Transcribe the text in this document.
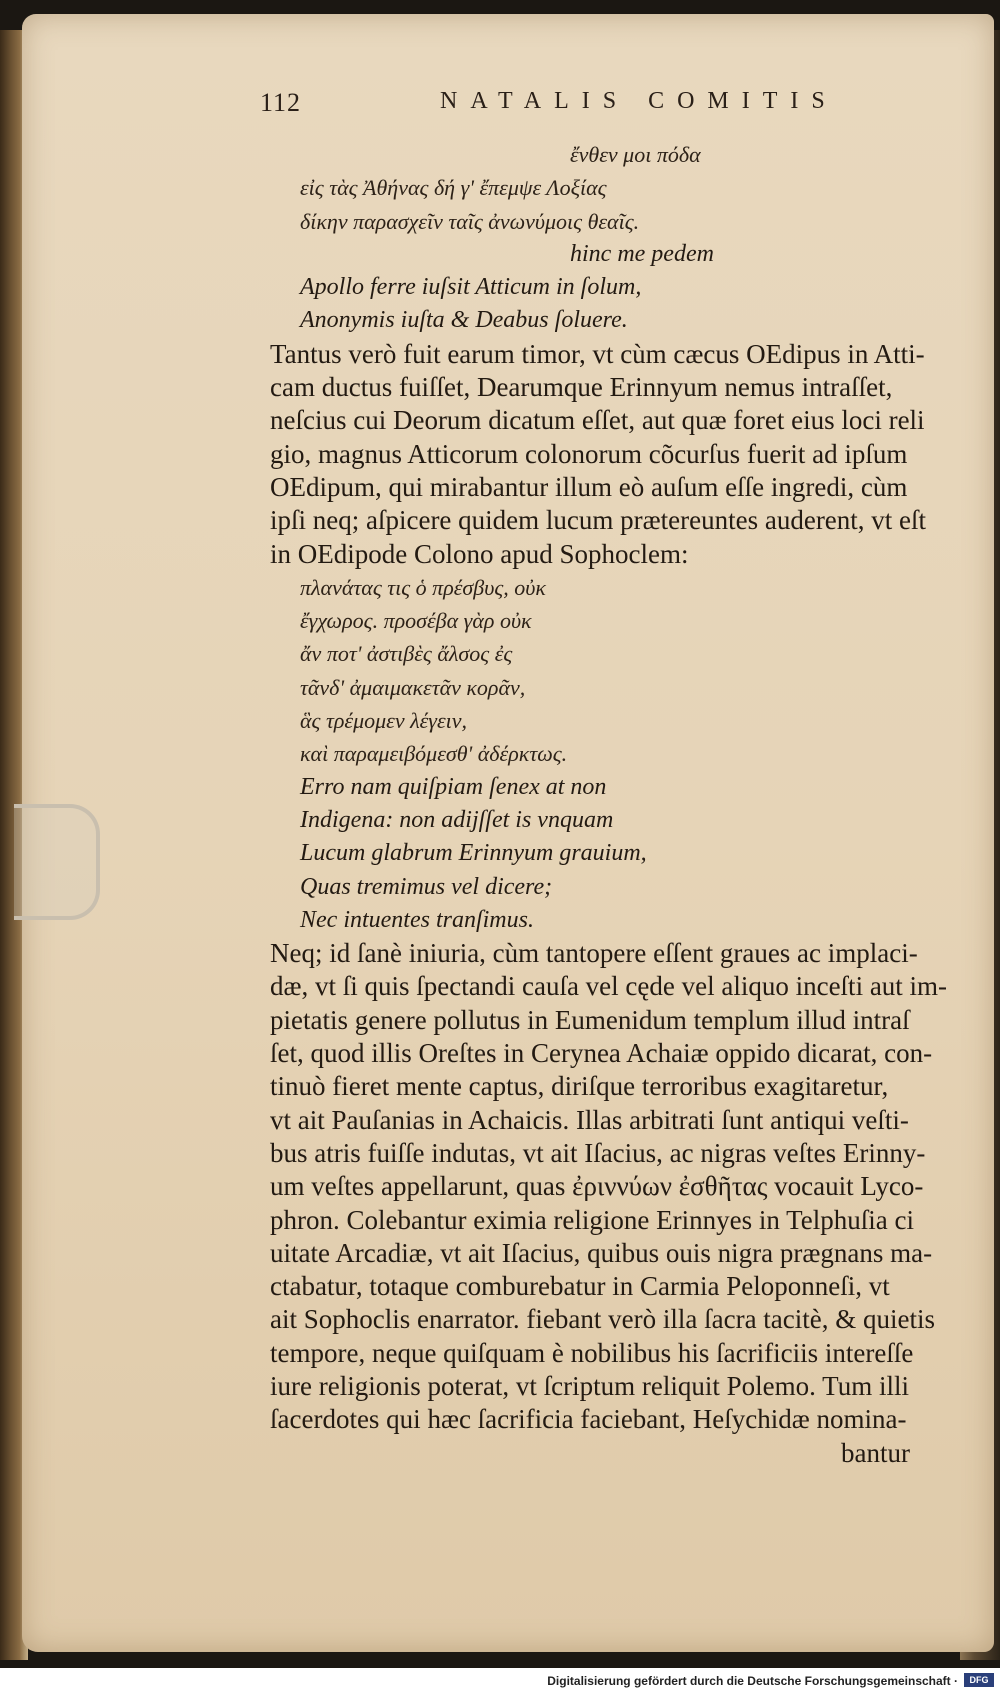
112	NATALIS COMITIS
ἔνθεν μοι πόδα
εἰς τὰς Ἀθήνας δή γ' ἔπεμψε Λοξίας
δίκην παρασχεῖν ταῖς ἀνωνύμοις θεαῖς.
hinc me pedem
Apollo ferre iuſsit Atticum in ſolum,
Anonymis iuſta & Deabus ſoluere.
Tantus verò fuit earum timor, vt cùm cæcus OEdipus in Atti-
cam ductus fuiſſet, Dearumque Erinnyum nemus intraſſet,
neſcius cui Deorum dicatum eſſet, aut quæ foret eius loci reli
gio, magnus Atticorum colonorum cõcurſus fuerit ad ipſum
OEdipum, qui mirabantur illum eò auſum eſſe ingredi, cùm
ipſi neq; aſpicere quidem lucum prætereuntes auderent, vt eſt
in OEdipode Colono apud Sophoclem:
πλανάτας τις ὁ πρέσβυς, οὐκ
ἔγχωρος. προσέβα γὰρ οὐκ
ἄν ποτ' ἀστιβὲς ἄλσος ἐς
τᾶνδ' ἀμαιμακετᾶν κορᾶν,
ἃς τρέμομεν λέγειν,
καὶ παραμειβόμεσθ' ἀδέρκτως.
Erro nam quiſpiam ſenex at non
Indigena: non adijſſet is vnquam
Lucum glabrum Erinnyum grauium,
Quas tremimus vel dicere;
Nec intuentes tranſimus.
Neq; id ſanè iniuria, cùm tantopere eſſent graues ac implaci-
dæ, vt ſi quis ſpectandi cauſa vel cęde vel aliquo inceſti aut im-
pietatis genere pollutus in Eumenidum templum illud intraſ
ſet, quod illis Oreſtes in Cerynea Achaiæ oppido dicarat, con-
tinuò fieret mente captus, diriſque terroribus exagitaretur,
vt ait Pauſanias in Achaicis. Illas arbitrati ſunt antiqui veſti-
bus atris fuiſſe indutas, vt ait Iſacius, ac nigras veſtes Erinny-
um veſtes appellarunt, quas ἐριννύων ἐσθῆτας vocauit Lyco-
phron. Colebantur eximia religione Erinnyes in Telphuſia ci
uitate Arcadiæ, vt ait Iſacius, quibus ouis nigra prægnans ma-
ctabatur, totaque comburebatur in Carmia Peloponneſi, vt
ait Sophoclis enarrator. fiebant verò illa ſacra tacitè, & quietis
tempore, neque quiſquam è nobilibus his ſacrificiis intereſſe
iure religionis poterat, vt ſcriptum reliquit Polemo. Tum illi
ſacerdotes qui hæc ſacrificia faciebant, Heſychidæ nomina-
bantur
Digitalisierung gefördert durch die Deutsche Forschungsgemeinschaft ·	DFG
